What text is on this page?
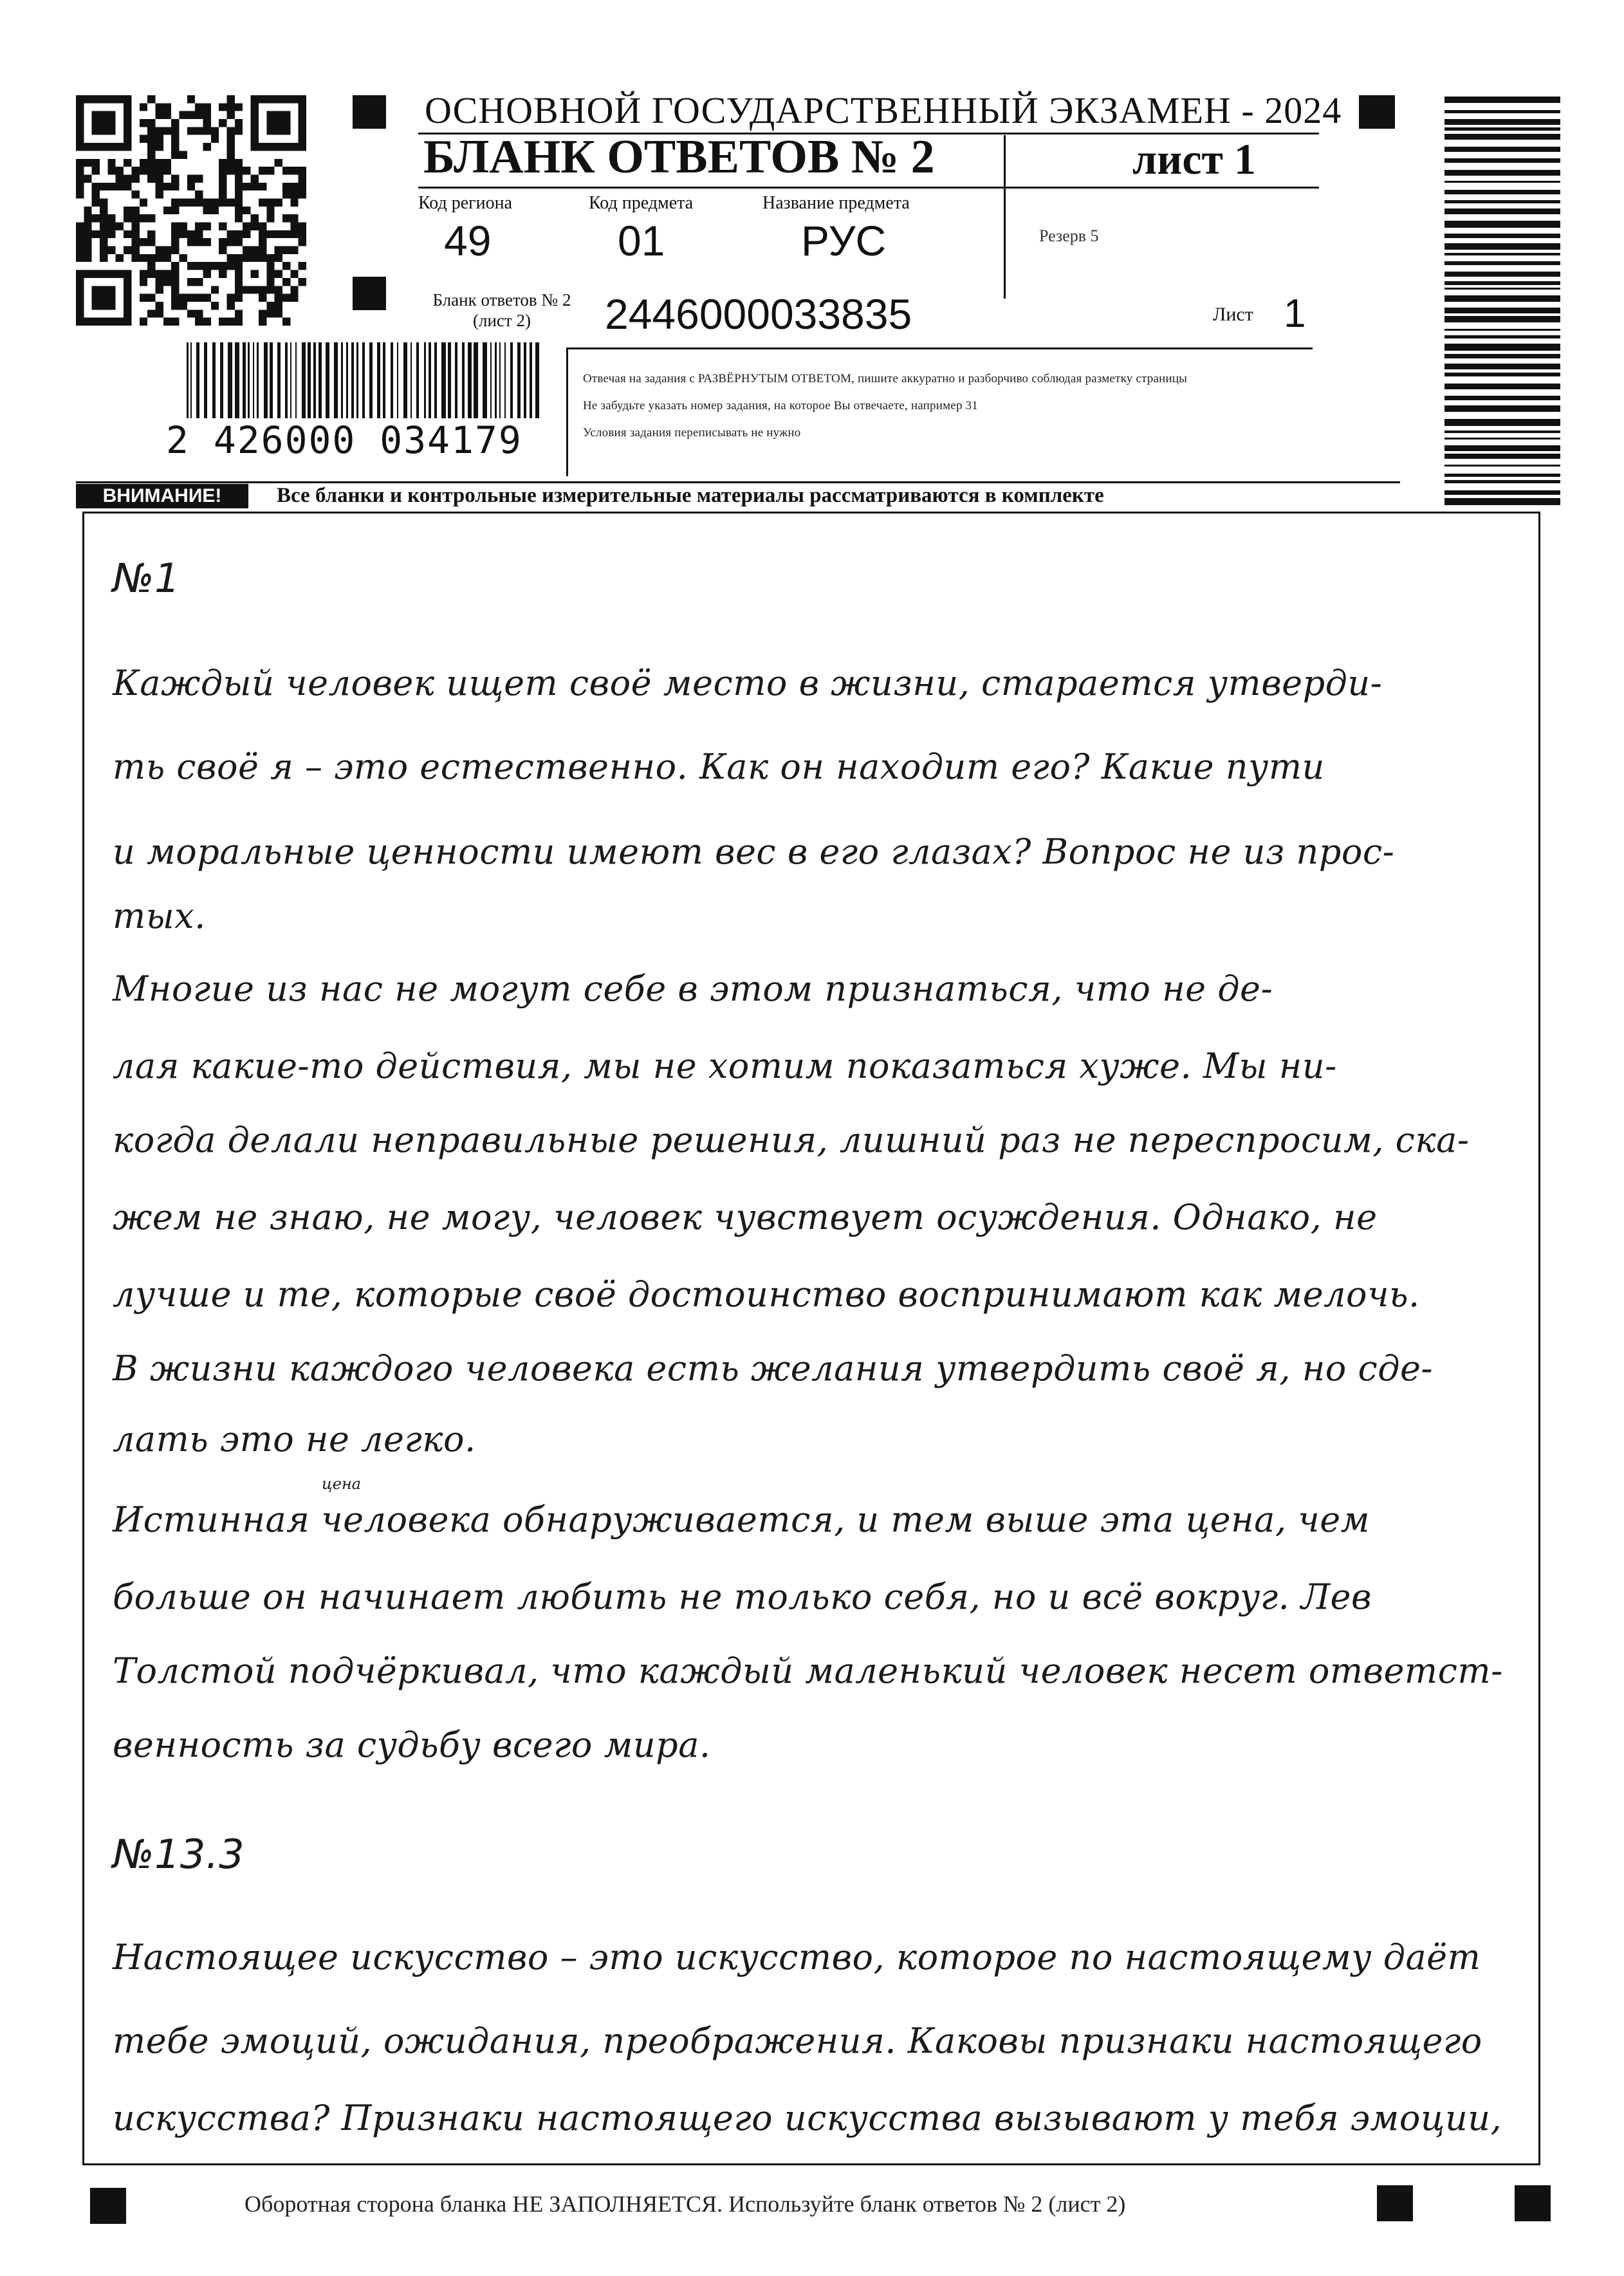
ОСНОВНОЙ ГОСУДАРСТВЕННЫЙ ЭКЗАМЕН - 2024
БЛАНК ОТВЕТОВ № 2	лист 1
Код региона	Код предмета	Название предмета
49	01	РУС	Резерв 5
Бланк ответов № 2
(лист 2)	2446000033835	Лист 1
Отвечая на задания с РАЗВЁРНУТЫМ ОТВЕТОМ, пишите аккуратно и разборчиво соблюдая разметку страницы
Не забудьте указать номер задания, на которое Вы отвечаете, например 31
Условия задания переписывать не нужно
2 426000 034179
ВНИМАНИЕ!	Все бланки и контрольные измерительные материалы рассматриваются в комплекте
№1
Каждый человек ищет своё место в жизни, старается утверди-
ть своё я – это естественно. Как он находит его? Какие пути
и моральные ценности имеют вес в его глазах? Вопрос не из прос-
тых.
Многие из нас не могут себе в этом признаться, что не де-
лая какие-то действия, мы не хотим показаться хуже. Мы ни-
когда делали неправильные решения, лишний раз не переспросим, ска-
жем не знаю, не могу, человек чувствует осуждения. Однако, не
лучше и те, которые своё достоинство воспринимают как мелочь.
В жизни каждого человека есть желания утвердить своё я, но сде-
лать это не легко.
цена
Истинная человека обнаруживается, и тем выше эта цена, чем
больше он начинает любить не только себя, но и всё вокруг. Лев
Толстой подчёркивал, что каждый маленький человек несет ответст-
венность за судьбу всего мира.
№13.3
Настоящее искусство – это искусство, которое по настоящему даёт
тебе эмоций, ожидания, преображения. Каковы признаки настоящего
искусства? Признаки настоящего искусства вызывают у тебя эмоции,
Оборотная сторона бланка НЕ ЗАПОЛНЯЕТСЯ. Используйте бланк ответов № 2 (лист 2)
